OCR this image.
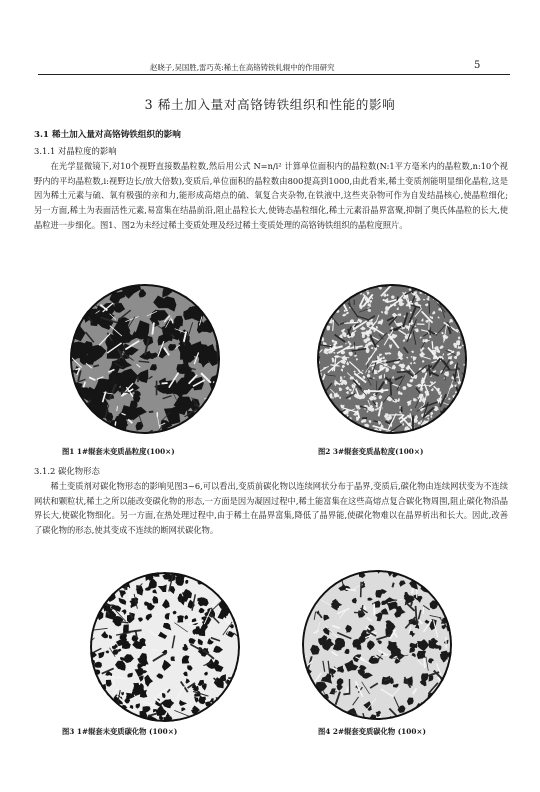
赵晓子,吴国胜,雷巧英:稀土在高铬铸铁轧辊中的作用研究	5
3 稀土加入量对高铬铸铁组织和性能的影响
3.1 稀土加入量对高铬铸铁组织的影响
3.1.1 对晶粒度的影响

在光学显微镜下,对10个视野直接数晶粒数,然后用公式 N=n/i² 计算单位面积内的晶粒数(N:1平方毫米内的晶粒数,n:10个视野内的平均晶粒数,i:视野边长/放大倍数),变质后,单位面积的晶粒数由800提高到1000,由此看来,稀土变质剂能明显细化晶粒,这是因为稀土元素与硫、氧有极强的亲和力,能形成高熔点的硫、氧复合夹杂物,在铁液中,这些夹杂物可作为自发结晶核心,使晶粒细化;另一方面,稀土为表面活性元素,易富集在结晶前沿,阻止晶粒长大,使铸态晶粒细化,稀土元素沿晶界富聚,抑制了奥氏体晶粒的长大,使晶粒进一步细化。图1、图2为未经过稀土变质处理及经过稀土变质处理的高铬铸铁组织的晶粒度照片。

图1 1#辊套未变质晶粒度(100×)	图2 3#辊套变质晶粒度(100×)
3.1.2 碳化物形态

稀土变质剂对碳化物形态的影响见图3~6,可以看出,变质前碳化物以连续网状分布于晶界,变质后,碳化物由连续网状变为不连续网状和颗粒状,稀土之所以能改变碳化物的形态,一方面是因为凝固过程中,稀土能富集在这些高熔点复合碳化物周围,阻止碳化物沿晶界长大,使碳化物细化。另一方面,在热处理过程中,由于稀土在晶界富集,降低了晶界能,使碳化物难以在晶界析出和长大。因此,改善了碳化物的形态,使其变成不连续的断网状碳化物。

图3 1#辊套未变质碳化物 (100×)	图4 2#辊套变质碳化物 (100×)
